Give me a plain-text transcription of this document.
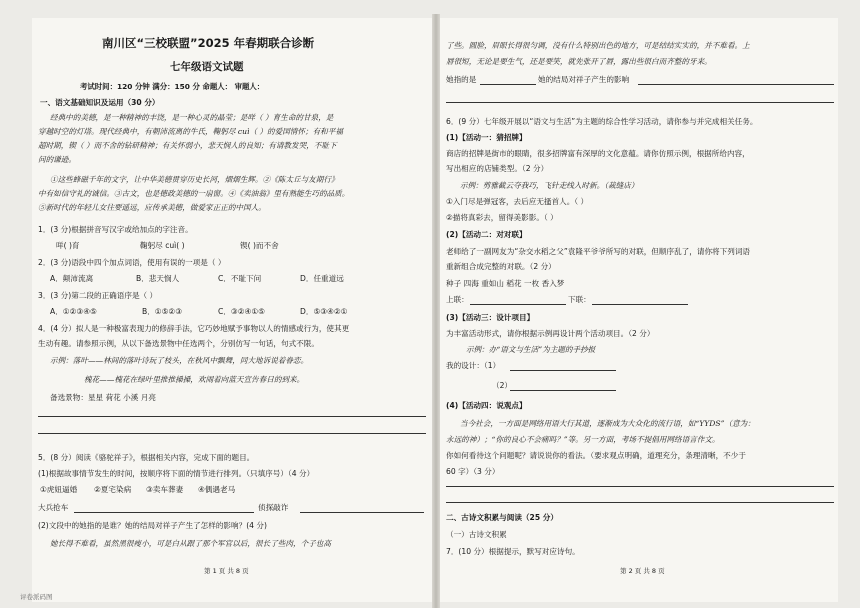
南川区“三校联盟”2025 年春期联合诊断
七年级语文试题
考试时间：120 分钟 满分：150 分 命题人： 审题人：
一、语文基础知识及运用（30 分）
经典中的美德，是一种精神的丰饶，是一种心灵的晶莹；是咩（ ）育生命的甘泉，是
穿越时空的灯塔。现代经典中，有朝沛流离的牛氏，鞠躬尽 cuì（ ）的爱国情怀；有和平福
超时期，锲（ ）而不舍的钻研精神；有关怀弱小，悲天悯人的良知；有请教发哭，不耻下
问的谦逊。
①这些蜂磁千年的文字，让中华美德贯穿历史长河，熠熠生辉。②《陈太丘与友期行》
中有如信守礼的诚信。③古文，也是德政美德的一扇窗。④《卖油翁》里有熟能生巧的品质。
⑤新时代的年轻儿女往要遥远，应传承美德，做爱家正正的中国人。
1．(3 分)根据拼音写汉字或给加点的字注音。
咩( )育	鞠躬尽 cuì( )	锲( )而不舍
2．(3 分)语段中四个加点词语，使用有误的一项是（ ）
A．颠沛流离	B．悲天悯人	C．不耻下问	D．任重道远
3．(3 分)第二段的正确语序是（ ）
A．①②③④⑤	B．①⑤②③	C．③②④①⑤	D．⑤③④②①
4．(4 分）拟人是一种极富表现力的修辞手法，它巧妙地赋予事物以人的情感或行为，使其更
生动有趣。请参照示例，从以下备选景物中任选两个，分别仿写一句话，句式不限。
示例：落叶——林间的落叶诗玩了枝头，在秋风中飘舞，同大地诉说着眷恋。
槐花——槐花在绿叶里推推搡搡，欢闹着向蓝天宣告春日的到来。
备选景物：星星 荷花 小溪 月亮
5．(8 分）阅读《骆驼祥子》，根据相关内容，完成下面的题目。
(1)根据故事情节发生的时间，按顺序将下面的情节进行排列。（只填序号）（4 分）
①虎妞逼婚 ②夏宅染病 ③卖车葬妻 ④偶遇老马
大兵抢车	侦探敲诈
(2)文段中的她指的是谁？她的结局对祥子产生了怎样的影响？(4 分)
她长得不难看，虽然黑很瘦小，可是白从跟了那个军官以后，很长了些肉，个子也高
第 1 页 共 8 页
评卷派码图
了些。圆脸，眉眼长得很匀调，没有什么特别出色的地方，可是结结实实的，并不难看。上
唇很短，无论是要生气，还是要笑，就先张开了唇，露出些很白而齐整的牙来。
她指的是	她的结局对祥子产生的影响
6．(9 分）七年级开展以“语文与生活”为主题的综合性学习活动，请你参与并完成相关任务。
(1)【活动一：猜招牌】
商店的招牌是街市的眼睛，很多招牌富有深厚的文化意蕴。请你仿照示例，根据所给内容，
写出相应的店铺类型。（2 分）
示例：剪雅截云夺我巧，飞针走线入时新。（裁缝店）
①入门尽是弹冠客，去后应无搔首人。（ ）
②描将真彩去，留得美影影。（ ）
(2)【活动二：对对联】
老师给了一副网友为“杂交水稻之父”袁隆平爷爷所写的对联，但顺序乱了，请你将下列词语
重新组合成完整的对联。（2 分）
种子 四海 重如山 稻花 一枚 香入梦
上联：	下联：
(3)【活动三：设计项目】
为丰富活动形式，请你根据示例再设计两个活动项目。（2 分）
示例：办“语文与生活”为主题的手抄报
我的设计：（1）
（2）
(4)【活动四：说观点】
当今社会，一方面是网络用语大行其道，逐渐成为大众化的流行语，如“YYDS”（意为：
永远的神）；“你的良心不会痛吗？”等。另一方面，考场不提倡用网络语言作文。
你如何看待这个问题呢？请说说你的看法。（要求观点明确，道理充分，条理清晰，不少于
60 字）（3 分）
二、古诗文积累与阅读（25 分）
（一）古诗文积累
7．(10 分）根据提示，默写对应诗句。
第 2 页 共 8 页
